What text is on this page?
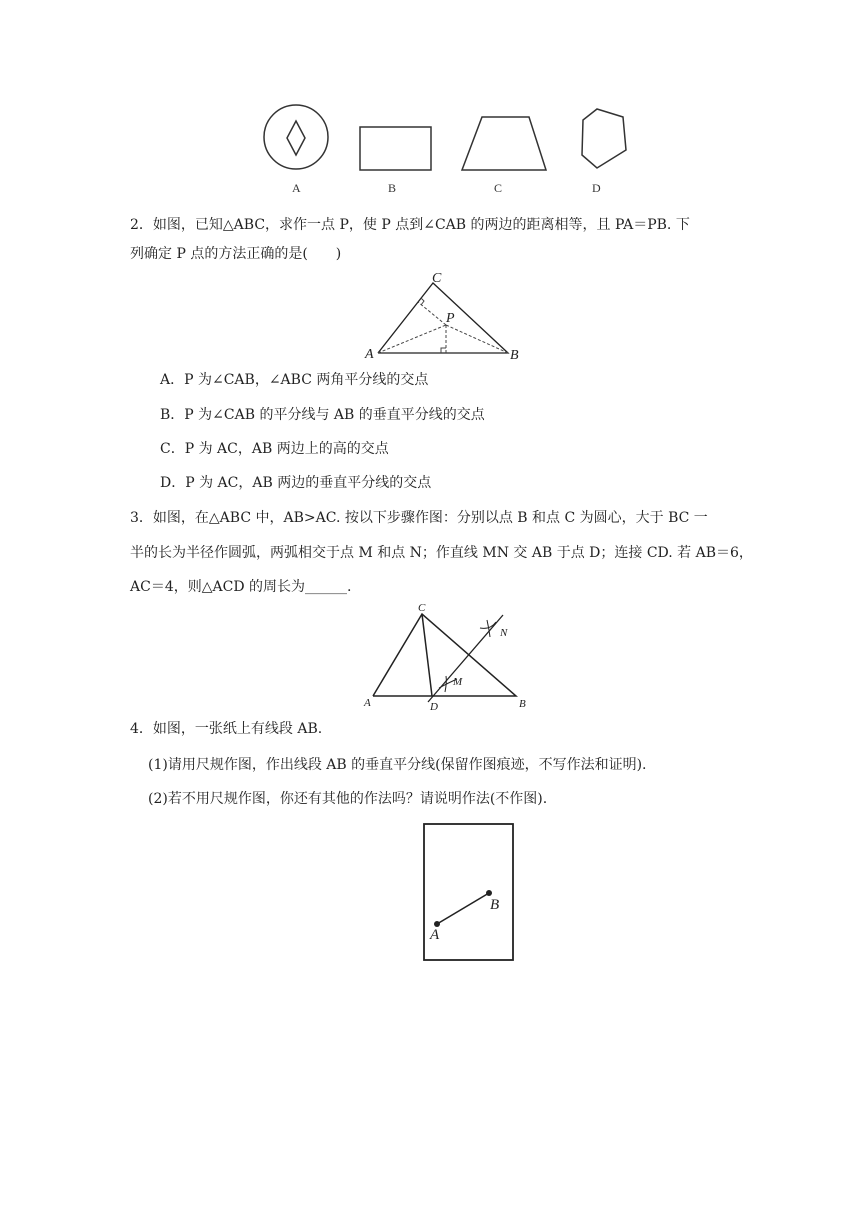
A	B	C	D
2．如图，已知△ABC，求作一点 P，使 P 点到∠CAB 的两边的距离相等，且 PA＝PB. 下
列确定 P 点的方法正确的是(　　)
A	B
C
P
A．P 为∠CAB，∠ABC 两角平分线的交点
B．P 为∠CAB 的平分线与 AB 的垂直平分线的交点
C．P 为 AC，AB 两边上的高的交点
D．P 为 AC，AB 两边的垂直平分线的交点
3．如图，在△ABC 中，AB>AC. 按以下步骤作图：分别以点 B 和点 C 为圆心，大于 BC 一
半的长为半径作圆弧，两弧相交于点 M 和点 N；作直线 MN 交 AB 于点 D；连接 CD. 若 AB＝6，
AC＝4，则△ACD 的周长为______.
A	B
C
D
M
N
4．如图，一张纸上有线段 AB.
(1)请用尺规作图，作出线段 AB 的垂直平分线(保留作图痕迹，不写作法和证明).
(2)若不用尺规作图，你还有其他的作法吗？请说明作法(不作图).
A
B
